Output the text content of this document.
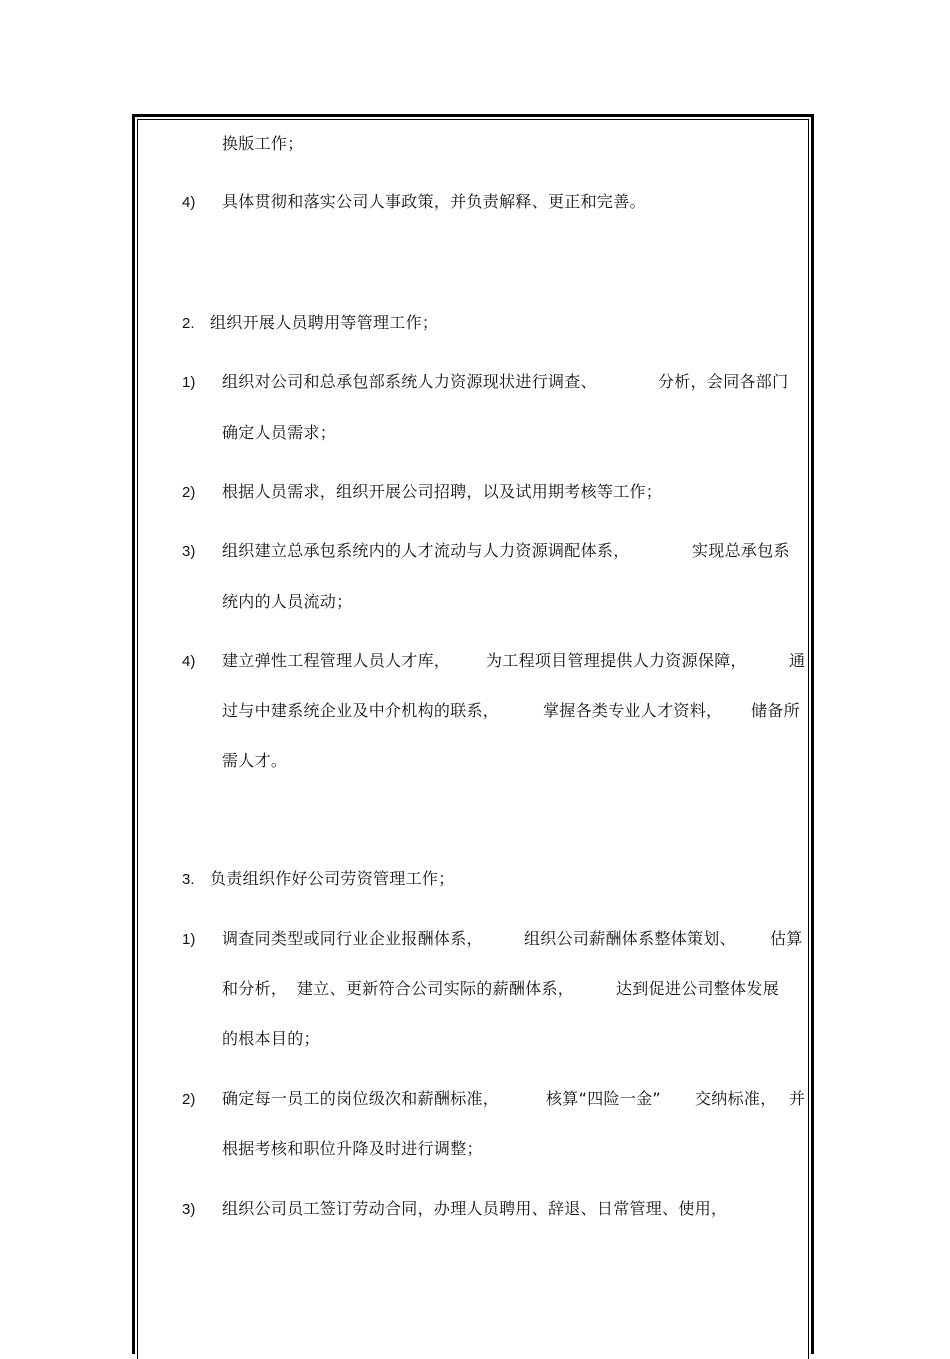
换版工作；
4) 具体贯彻和落实公司人事政策，并负责解释、更正和完善。
2. 组织开展人员聘用等管理工作；
1) 组织对公司和总承包部系统人力资源现状进行调查、	分析，会同各部门
确定人员需求；
2) 根据人员需求，组织开展公司招聘，以及试用期考核等工作；
3) 组织建立总承包系统内的人才流动与人力资源调配体系，	实现总承包系
统内的人员流动；
4) 建立弹性工程管理人员人才库， 为工程项目管理提供人力资源保障，	通
过与中建系统企业及中介机构的联系，	掌握各类专业人才资料， 储备所
需人才。
3. 负责组织作好公司劳资管理工作；
1) 调查同类型或同行业企业报酬体系，	组织公司薪酬体系整体策划、 估算
和分析， 建立、更新符合公司实际的薪酬体系，	达到促进公司整体发展
的根本目的；
2) 确定每一员工的岗位级次和薪酬标准，	核算“四险一金” 交纳标准， 并
根据考核和职位升降及时进行调整；
3) 组织公司员工签订劳动合同，办理人员聘用、辞退、日常管理、使用，
